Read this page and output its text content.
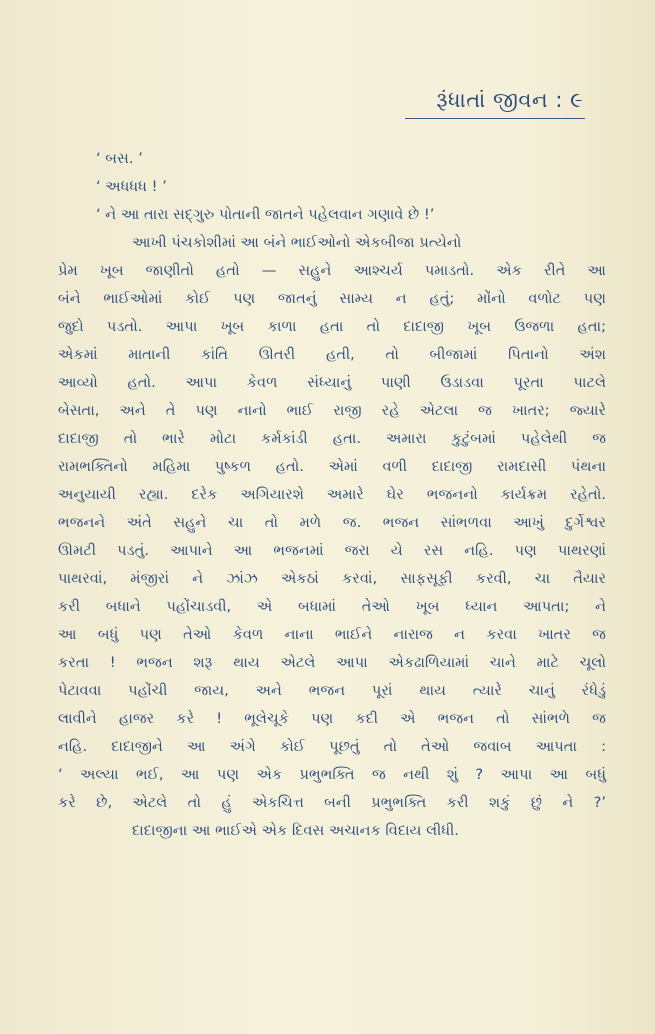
રૂંધાતાં જીવન : ૯
‘ બસ. ’
‘ અધધધ ! ’
‘ ને આ તારા સદ્‌ગુરુ પોતાની જાતને પહેલવાન ગણાવે છે !’
આખી પંચકોશીમાં આ બંને ભાઈઓનો એકબીજા પ્રત્યેનો
પ્રેમ ખૂબ જાણીતો હતો — સહુને આશ્ચર્ય પમાડતો. એક રીતે આ
બંને ભાઈઓમાં કોઈ પણ જાતનું સામ્ય ન હતું; મોંનો વળોટ પણ
જુદો પડતો. આપા ખૂબ કાળા હતા તો દાદાજી ખૂબ ઉજળા હતા;
એકમાં માતાની કાંતિ ઊતરી હતી, તો બીજામાં પિતાનો અંશ
આવ્યો હતો. આપા કેવળ સંધ્યાનું પાણી ઉડાડવા પૂરતા પાટલે
બેસતા, અને તે પણ નાનો ભાઈ રાજી રહે એટલા જ ખાતર; જ્યારે
દાદાજી તો ભારે મોટા કર્મકાંડી હતા. અમારા કુટુંબમાં પહેલેથી જ
રામભક્તિનો મહિમા પુષ્કળ હતો. એમાં વળી દાદાજી રામદાસી પંથના
અનુયાયી રહ્યા. દરેક અગિયારશે અમારે ઘેર ભજનનો કાર્યક્રમ રહેતો.
ભજનને અંતે સહુને ચા તો મળે જ. ભજન સાંભળવા આખું દુર્ગેશ્વર
ઊમટી પડતું. આપાને આ ભજનમાં જરા યે રસ નહિ. પણ પાથરણાં
પાથરવાં, મંજીરાં ને ઝાંઝ એકઠાં કરવાં, સાફસૂફી કરવી, ચા તૈયાર
કરી બધાને પહોંચાડવી, એ બધામાં તેઓ ખૂબ ધ્યાન આપતા; ને
આ બધું પણ તેઓ કેવળ નાના ભાઈને નારાજ ન કરવા ખાતર જ
કરતા ! ભજન શરૂ થાય એટલે આપા એકઢાળિયામાં ચાને માટે ચૂલો
પેટાવવા પહોંચી જાય, અને ભજન પૂરાં થાય ત્યારે ચાનું રંધેડું
લાવીને હાજર કરે ! ભૂલેચૂકે પણ કદી એ ભજન તો સાંભળે જ
નહિ. દાદાજીને આ અંગે કોઈ પૂછતું તો તેઓ જવાબ આપતા :
‘ અલ્યા ભઈ, આ પણ એક પ્રભુભક્તિ જ નથી શું ? આપા આ બધું
કરે છે, એટલે તો હું એકચિત્ત બની પ્રભુભક્તિ કરી શકું છું ને ?’
દાદાજીના આ ભાઈએ એક દિવસ અચાનક વિદાય લીધી.
